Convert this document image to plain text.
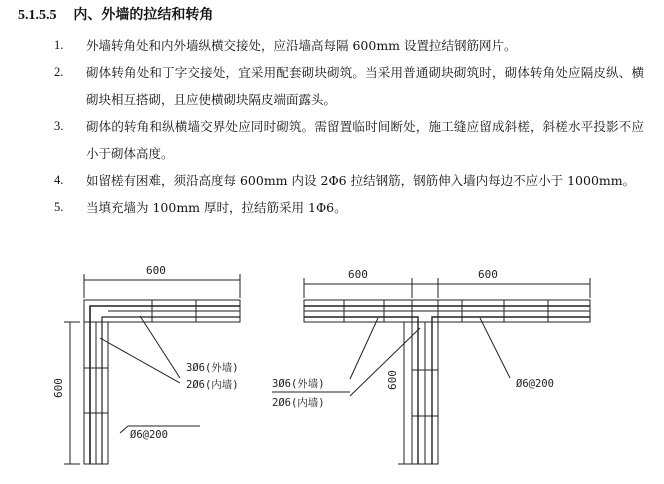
5.1.5.5 内、外墙的拉结和转角
1. 外墙转角处和内外墙纵横交接处，应沿墙高每隔 600mm 设置拉结钢筋网片。
2. 砌体转角处和丁字交接处，宜采用配套砌块砌筑。当采用普通砌块砌筑时，砌体转角处应隔皮纵、横砌块相互搭砌，且应使横砌块隔皮端面露头。
3. 砌体的转角和纵横墙交界处应同时砌筑。需留置临时间断处，施工缝应留成斜槎，斜槎水平投影不应小于砌体高度。
4. 如留槎有困难，须沿高度每 600mm 内设 2Φ6 拉结钢筋，钢筋伸入墙内每边不应小于 1000mm。
5. 当填充墙为 100mm 厚时，拉结筋采用 1Φ6。
600
600
3Ø6(外墙)
2Ø6(内墙)
Ø6@200
600	600
600
3Ø6(外墙)
2Ø6(内墙)
Ø6@200
